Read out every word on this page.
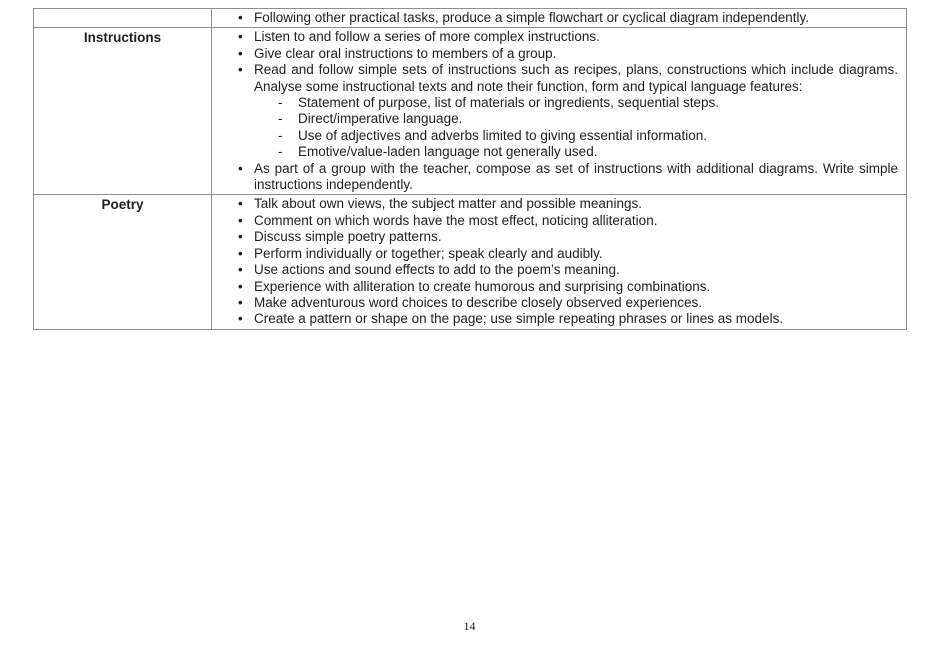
	• Following other practical tasks, produce a simple flowchart or cyclical diagram independently.

Instructions	• Listen to and follow a series of more complex instructions.
• Give clear oral instructions to members of a group.
• Read and follow simple sets of instructions such as recipes, plans, constructions which include diagrams. Analyse some instructional texts and note their function, form and typical language features:
-	Statement of purpose, list of materials or ingredients, sequential steps.
-	Direct/imperative language.
-	Use of adjectives and adverbs limited to giving essential information.
-	Emotive/value-laden language not generally used.
• As part of a group with the teacher, compose as set of instructions with additional diagrams. Write simple instructions independently.

Poetry	• Talk about own views, the subject matter and possible meanings.
• Comment on which words have the most effect, noticing alliteration.
• Discuss simple poetry patterns.
• Perform individually or together; speak clearly and audibly.
• Use actions and sound effects to add to the poem’s meaning.
• Experience with alliteration to create humorous and surprising combinations.
• Make adventurous word choices to describe closely observed experiences.
• Create a pattern or shape on the page; use simple repeating phrases or lines as models.
14
